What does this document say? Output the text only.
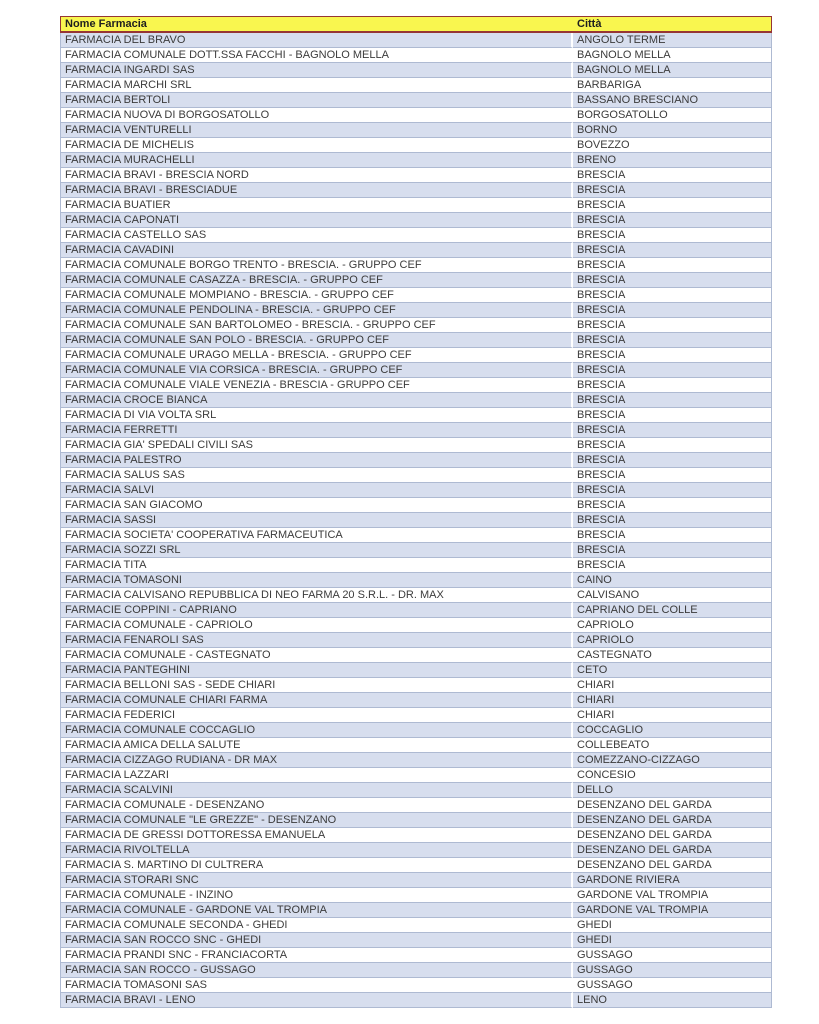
Nome Farmacia	Città
FARMACIA DEL BRAVO	ANGOLO TERME
FARMACIA COMUNALE DOTT.SSA FACCHI - BAGNOLO MELLA	BAGNOLO MELLA
FARMACIA INGARDI SAS	BAGNOLO MELLA
FARMACIA MARCHI SRL	BARBARIGA
FARMACIA BERTOLI	BASSANO BRESCIANO
FARMACIA NUOVA DI BORGOSATOLLO	BORGOSATOLLO
FARMACIA VENTURELLI	BORNO
FARMACIA DE MICHELIS	BOVEZZO
FARMACIA MURACHELLI	BRENO
FARMACIA BRAVI - BRESCIA NORD	BRESCIA
FARMACIA BRAVI - BRESCIADUE	BRESCIA
FARMACIA BUATIER	BRESCIA
FARMACIA CAPONATI	BRESCIA
FARMACIA CASTELLO SAS	BRESCIA
FARMACIA CAVADINI	BRESCIA
FARMACIA COMUNALE BORGO TRENTO - BRESCIA. - GRUPPO CEF	BRESCIA
FARMACIA COMUNALE CASAZZA - BRESCIA. - GRUPPO CEF	BRESCIA
FARMACIA COMUNALE MOMPIANO - BRESCIA. - GRUPPO CEF	BRESCIA
FARMACIA COMUNALE PENDOLINA - BRESCIA. - GRUPPO CEF	BRESCIA
FARMACIA COMUNALE SAN BARTOLOMEO - BRESCIA. - GRUPPO CEF	BRESCIA
FARMACIA COMUNALE SAN POLO - BRESCIA. - GRUPPO CEF	BRESCIA
FARMACIA COMUNALE URAGO MELLA - BRESCIA. - GRUPPO CEF	BRESCIA
FARMACIA COMUNALE VIA CORSICA - BRESCIA. - GRUPPO CEF	BRESCIA
FARMACIA COMUNALE VIALE VENEZIA - BRESCIA - GRUPPO CEF	BRESCIA
FARMACIA CROCE BIANCA	BRESCIA
FARMACIA DI VIA VOLTA SRL	BRESCIA
FARMACIA FERRETTI	BRESCIA
FARMACIA GIA' SPEDALI CIVILI SAS	BRESCIA
FARMACIA PALESTRO	BRESCIA
FARMACIA SALUS SAS	BRESCIA
FARMACIA SALVI	BRESCIA
FARMACIA SAN GIACOMO	BRESCIA
FARMACIA SASSI	BRESCIA
FARMACIA SOCIETA' COOPERATIVA FARMACEUTICA	BRESCIA
FARMACIA SOZZI SRL	BRESCIA
FARMACIA TITA	BRESCIA
FARMACIA TOMASONI	CAINO
FARMACIA CALVISANO REPUBBLICA DI NEO FARMA 20 S.R.L. - DR. MAX	CALVISANO
FARMACIE COPPINI - CAPRIANO	CAPRIANO DEL COLLE
FARMACIA COMUNALE - CAPRIOLO	CAPRIOLO
FARMACIA FENAROLI SAS	CAPRIOLO
FARMACIA COMUNALE - CASTEGNATO	CASTEGNATO
FARMACIA PANTEGHINI	CETO
FARMACIA BELLONI SAS - SEDE CHIARI	CHIARI
FARMACIA COMUNALE CHIARI FARMA	CHIARI
FARMACIA FEDERICI	CHIARI
FARMACIA COMUNALE COCCAGLIO	COCCAGLIO
FARMACIA AMICA DELLA SALUTE	COLLEBEATO
FARMACIA CIZZAGO RUDIANA - DR MAX	COMEZZANO-CIZZAGO
FARMACIA LAZZARI	CONCESIO
FARMACIA SCALVINI	DELLO
FARMACIA COMUNALE - DESENZANO	DESENZANO DEL GARDA
FARMACIA COMUNALE "LE GREZZE" - DESENZANO	DESENZANO DEL GARDA
FARMACIA DE GRESSI DOTTORESSA EMANUELA	DESENZANO DEL GARDA
FARMACIA RIVOLTELLA	DESENZANO DEL GARDA
FARMACIA S. MARTINO DI CULTRERA	DESENZANO DEL GARDA
FARMACIA STORARI SNC	GARDONE RIVIERA
FARMACIA COMUNALE - INZINO	GARDONE VAL TROMPIA
FARMACIA COMUNALE - GARDONE VAL TROMPIA	GARDONE VAL TROMPIA
FARMACIA COMUNALE SECONDA - GHEDI	GHEDI
FARMACIA SAN ROCCO SNC - GHEDI	GHEDI
FARMACIA PRANDI SNC - FRANCIACORTA	GUSSAGO
FARMACIA SAN ROCCO - GUSSAGO	GUSSAGO
FARMACIA TOMASONI SAS	GUSSAGO
FARMACIA BRAVI - LENO	LENO
